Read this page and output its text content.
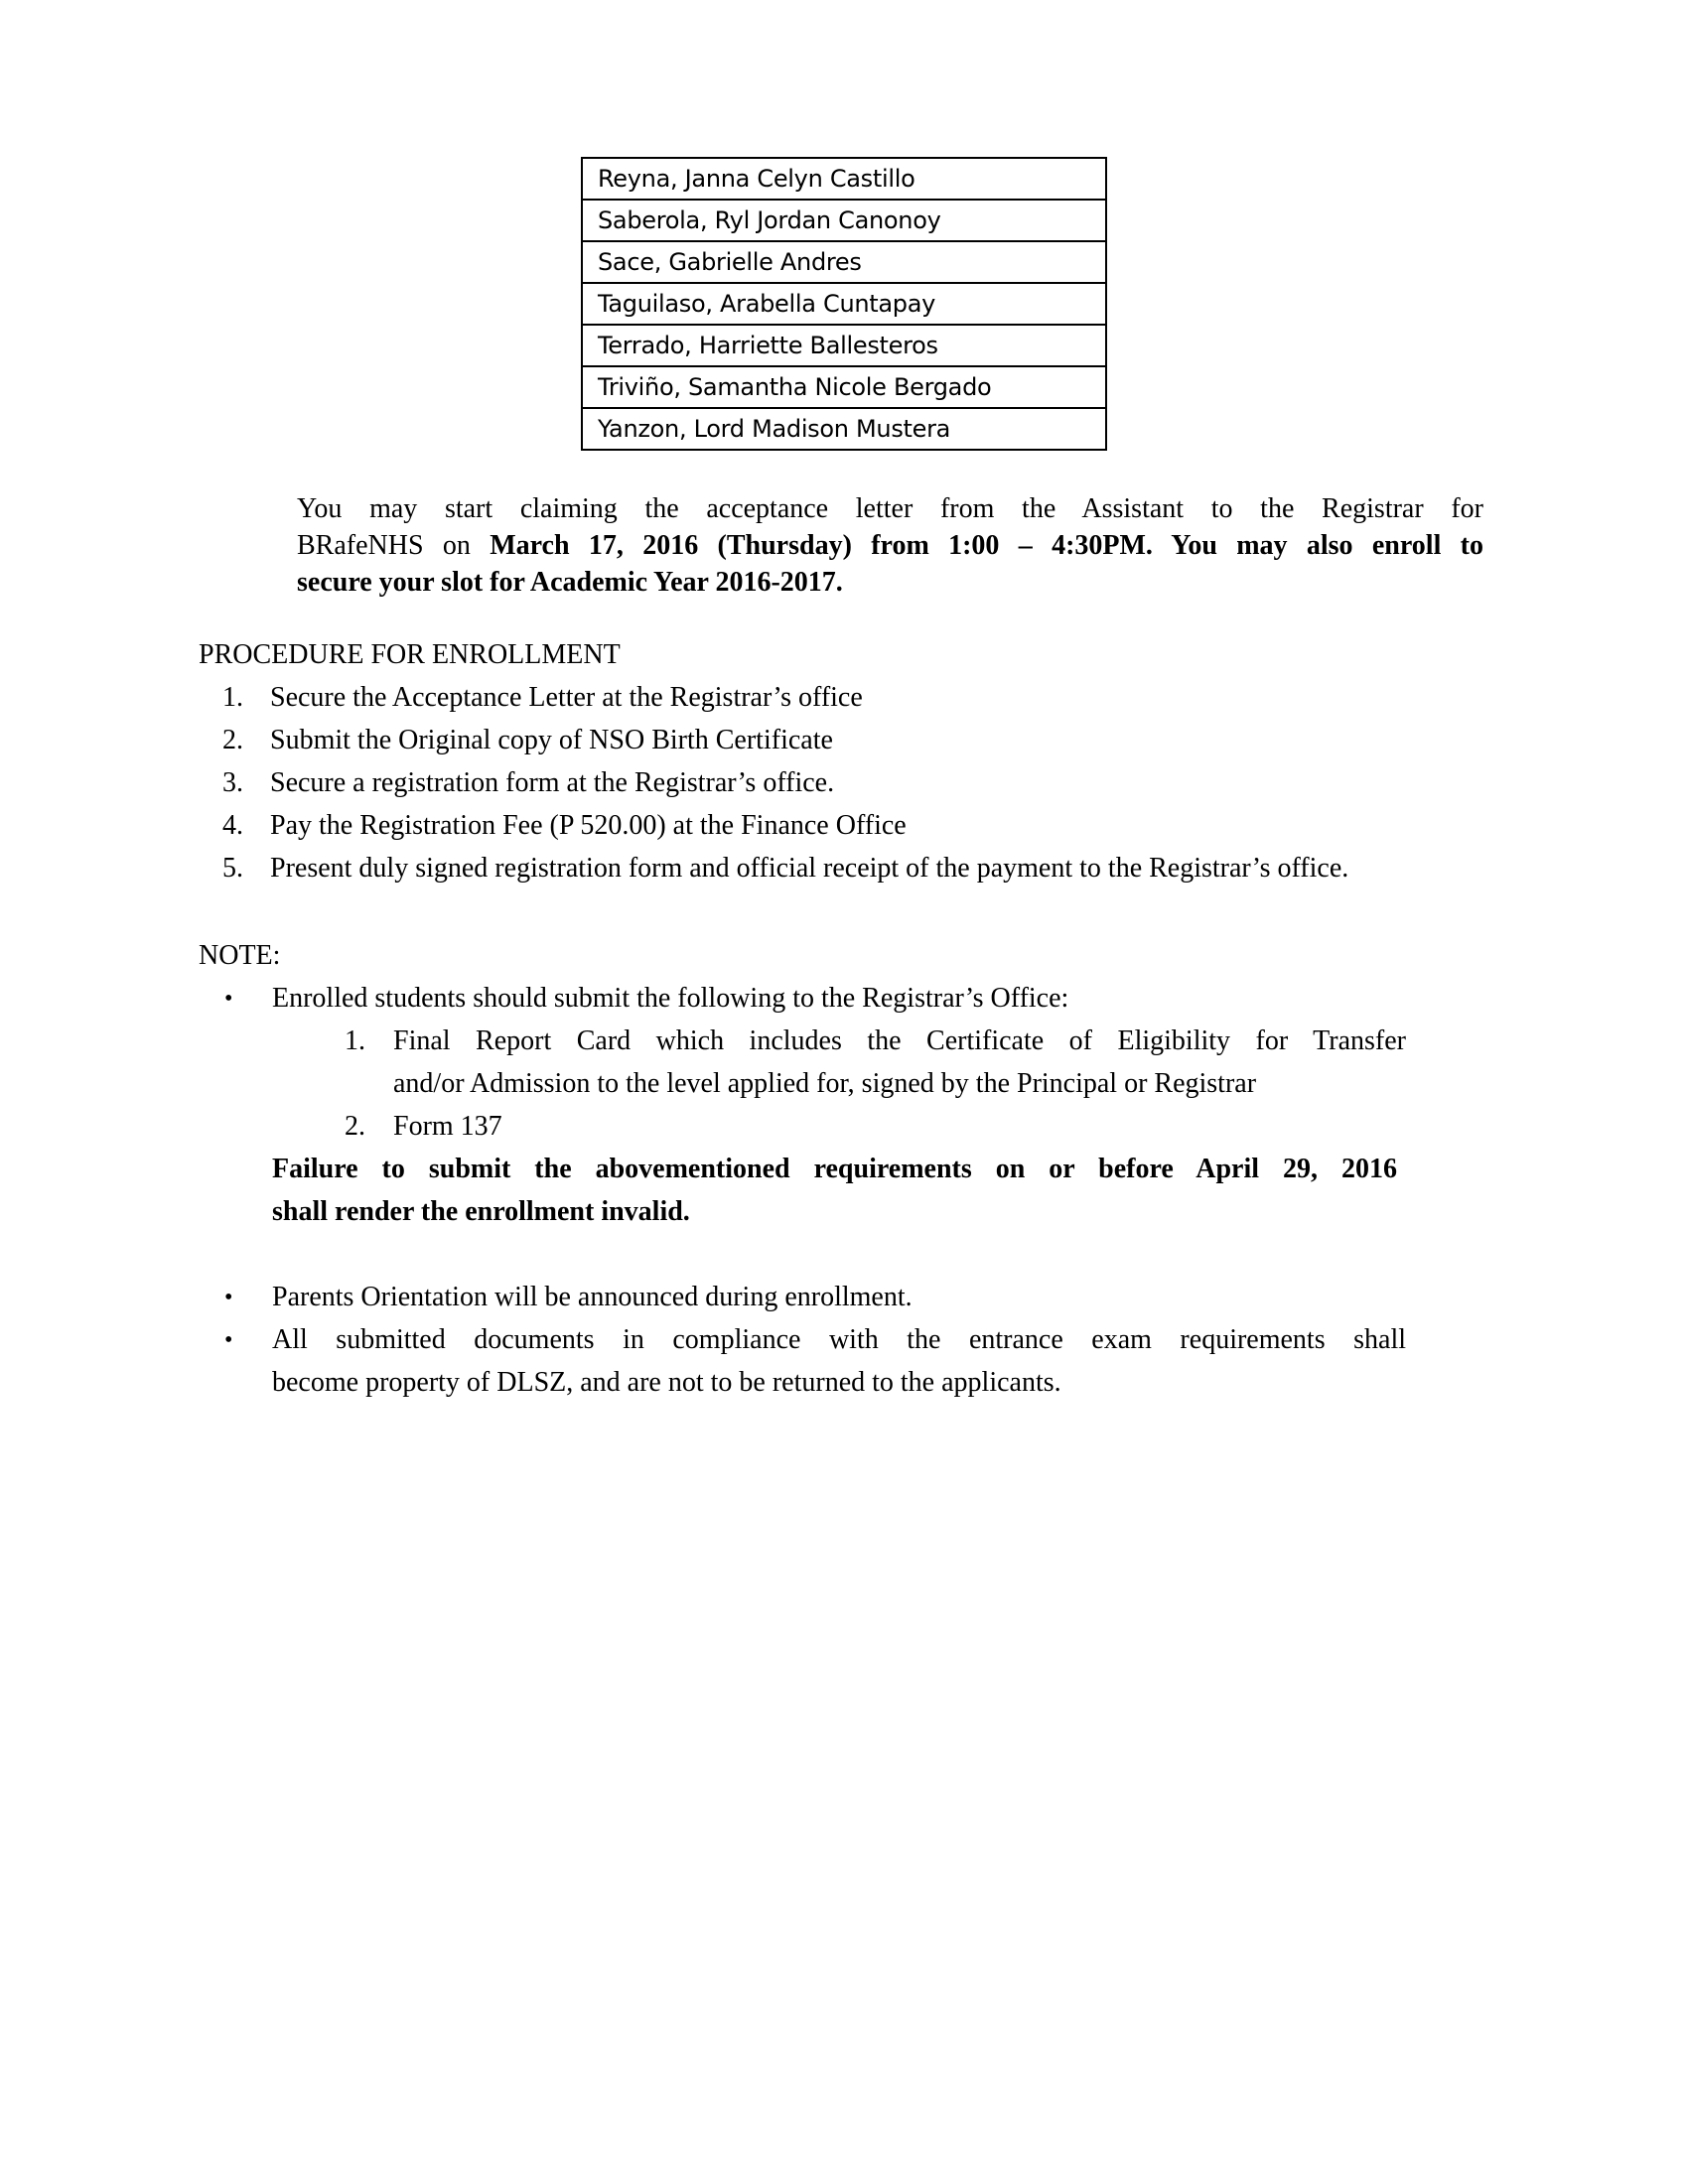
Reyna, Janna Celyn Castillo
Saberola, Ryl Jordan Canonoy
Sace, Gabrielle Andres
Taguilaso, Arabella Cuntapay
Terrado, Harriette Ballesteros
Triviño, Samantha Nicole Bergado
Yanzon, Lord Madison Mustera
You may start claiming the acceptance letter from the Assistant to the Registrar for
BRafeNHS on March 17, 2016 (Thursday) from 1:00 – 4:30PM. You may also enroll to
secure your slot for Academic Year 2016-2017.
PROCEDURE FOR ENROLLMENT
1. Secure the Acceptance Letter at the Registrar’s office
2. Submit the Original copy of NSO Birth Certificate
3. Secure a registration form at the Registrar’s office.
4. Pay the Registration Fee (P 520.00) at the Finance Office
5. Present duly signed registration form and official receipt of the payment to the Registrar’s office.
NOTE:
• Enrolled students should submit the following to the Registrar’s Office:
1. Final Report Card which includes the Certificate of Eligibility for Transfer
and/or Admission to the level applied for, signed by the Principal or Registrar
2. Form 137
Failure to submit the abovementioned requirements on or before April 29, 2016
shall render the enrollment invalid.
• Parents Orientation will be announced during enrollment.
• All submitted documents in compliance with the entrance exam requirements shall
become property of DLSZ, and are not to be returned to the applicants.
